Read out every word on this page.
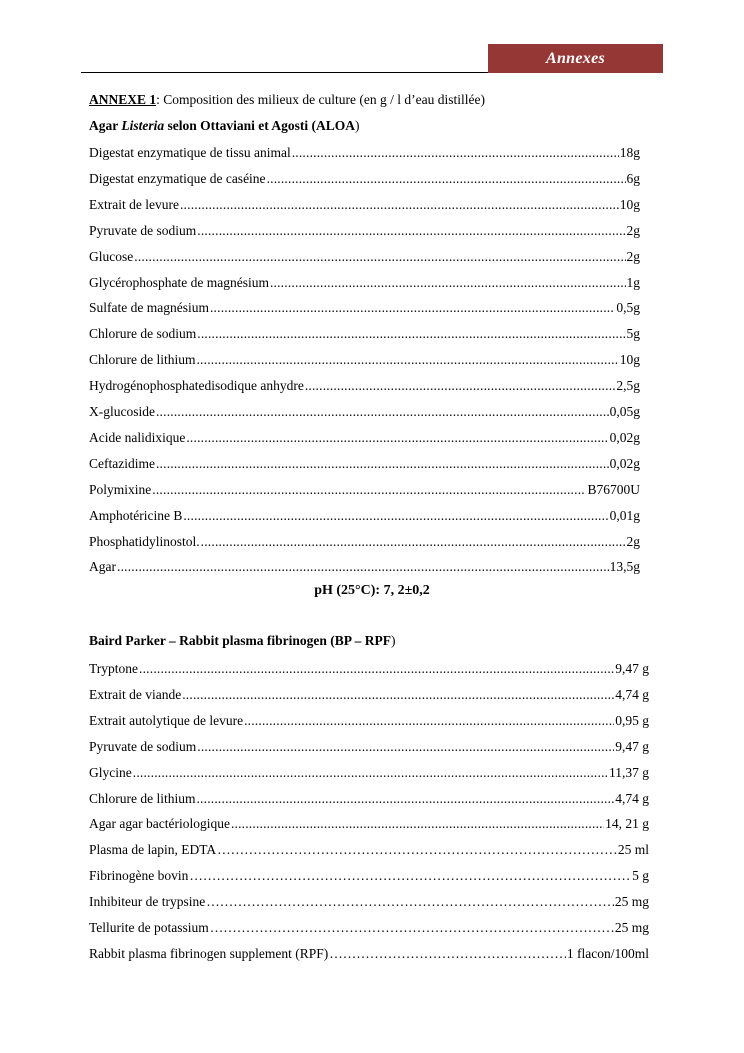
Annexes
ANNEXE 1: Composition des milieux de culture (en g / l d’eau distillée)
Agar Listeria selon Ottaviani et Agosti (ALOA)
Digestat enzymatique de tissu animal .....	18g
Digestat enzymatique de caséine .....	6g
Extrait de levure .....	10g
Pyruvate de sodium .....	2g
Glucose .....	2g
Glycérophosphate de magnésium .....	1g
Sulfate de magnésium .....	0,5g
Chlorure de sodium .....	5g
Chlorure de lithium .....	10g
Hydrogénophosphatedisodique anhydre .....	2,5g
X-glucoside .....	0,05g
Acide nalidixique .....	0,02g
Ceftazidime .....	0,02g
Polymixine .....	B76700U
Amphotéricine B .....	0,01g
Phosphatidylinostol. .....	2g
Agar .....	13,5g
pH (25°C): 7, 2±0,2
Baird Parker – Rabbit plasma fibrinogen (BP – RPF)
Tryptone .....	9,47 g
Extrait de viande .....	4,74 g
Extrait autolytique de levure .....	0,95 g
Pyruvate de sodium .....	9,47 g
Glycine .....	11,37 g
Chlorure de lithium .....	4,74 g
Agar agar bactériologique .....	14, 21 g
Plasma de lapin, EDTA ……………………………………………………………………………………………………………………………………………………	25 ml
Fibrinogène bovin ……………………………………………………………………………………………………………………………………………………	5 g
Inhibiteur de trypsine ……………………………………………………………………………………………………………………………………………………	25 mg
Tellurite de potassium ……………………………………………………………………………………………………………………………………………………	25 mg
Rabbit plasma fibrinogen supplement (RPF) ……………………………………………………………………………………………………………………………………………………	1 flacon/100ml
